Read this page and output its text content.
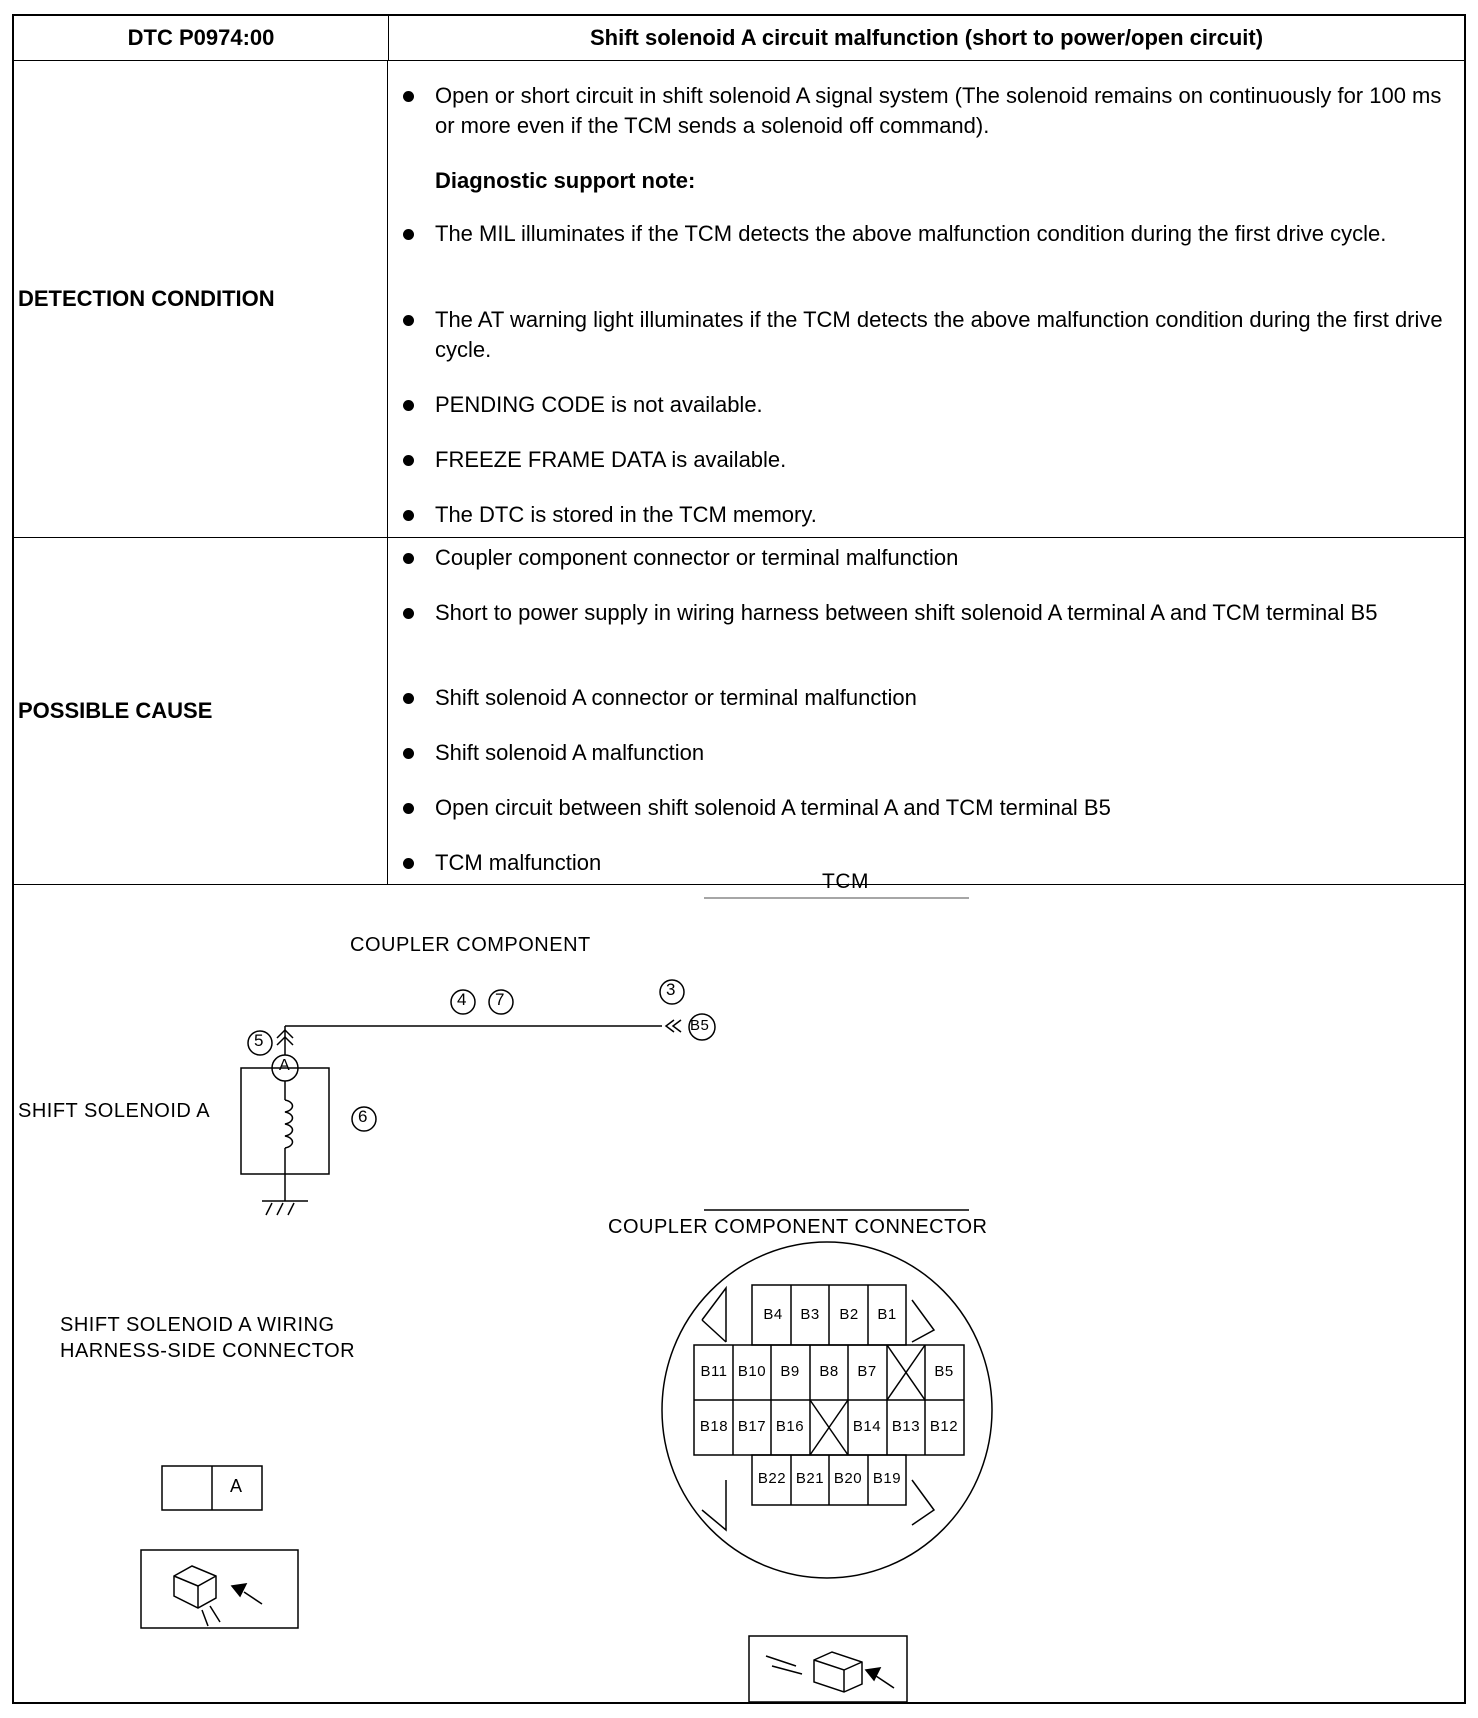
DTC P0974:00	Shift solenoid A circuit malfunction (short to power/open circuit)
DETECTION CONDITION
Open or short circuit in shift solenoid A signal system (The solenoid remains on continuously for 100 ms or more even if the TCM sends a solenoid off command).
Diagnostic support note:
The MIL illuminates if the TCM detects the above malfunction condition during the first drive cycle.
The AT warning light illuminates if the TCM detects the above malfunction condition during the first drive cycle.
PENDING CODE is not available.
FREEZE FRAME DATA is available.
The DTC is stored in the TCM memory.
POSSIBLE CAUSE
Coupler component connector or terminal malfunction
Short to power supply in wiring harness between shift solenoid A terminal A and TCM terminal B5
Shift solenoid A connector or terminal malfunction
Shift solenoid A malfunction
Open circuit between shift solenoid A terminal A and TCM terminal B5
TCM malfunction
TCM
COUPLER COMPONENT
SHIFT SOLENOID A
3
4 7
5
6
A
B5
SHIFT SOLENOID A WIRING
HARNESS-SIDE CONNECTOR
A
COUPLER COMPONENT CONNECTOR
B4	B3	B2	B1
B11 B10 B9	B8	B7	B5
B18 B17 B16	B14 B13 B12
B22 B21 B20 B19
